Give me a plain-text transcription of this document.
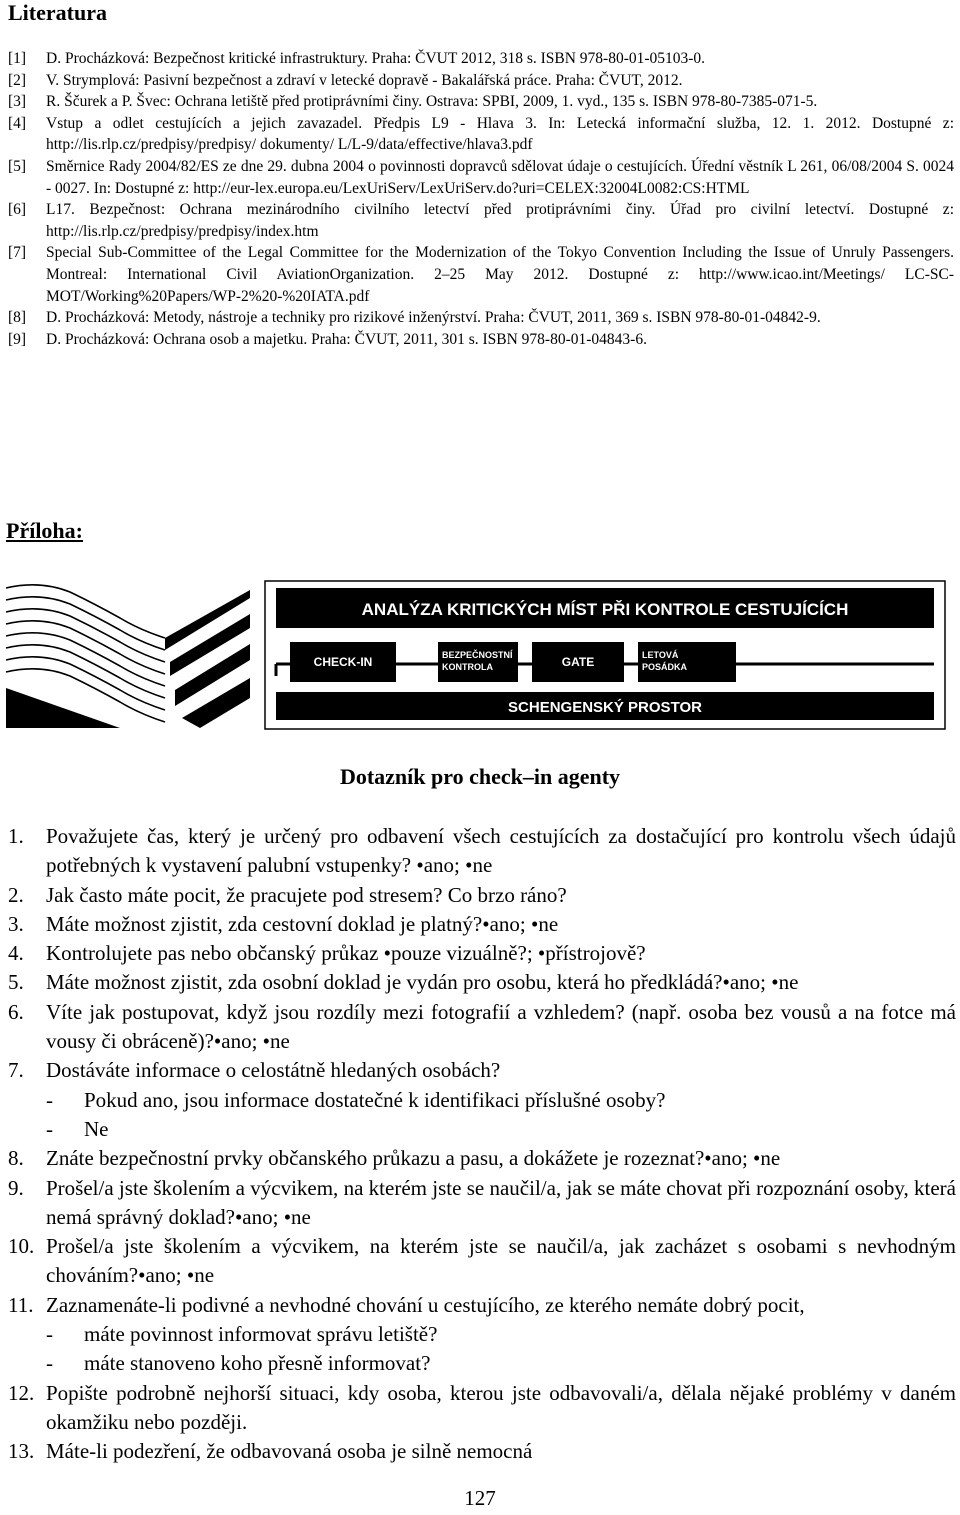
Literatura
[1]	D. Procházková: Bezpečnost kritické infrastruktury. Praha: ČVUT 2012, 318 s. ISBN 978-80-01-05103-0.
[2]	V. Strymplová: Pasivní bezpečnost a zdraví v letecké dopravě - Bakalářská práce. Praha: ČVUT, 2012.
[3]	R. Ščurek a P. Švec: Ochrana letiště před protiprávními činy. Ostrava: SPBI, 2009, 1. vyd., 135 s. ISBN 978-80-7385-071-5.
[4]	Vstup a odlet cestujících a jejich zavazadel. Předpis L9 - Hlava 3. In: Letecká informační služba, 12. 1. 2012. Dostupné z: http://lis.rlp.cz/predpisy/predpisy/ dokumenty/ L/L-9/data/effective/hlava3.pdf
[5]	Směrnice Rady 2004/82/ES ze dne 29. dubna 2004 o povinnosti dopravců sdělovat údaje o cestujících. Úřední věstník L 261, 06/08/2004 S. 0024 - 0027. In: Dostupné z: http://eur-lex.europa.eu/LexUriServ/LexUriServ.do?uri=CELEX:32004L0082:CS:HTML
[6]	L17. Bezpečnost: Ochrana mezinárodního civilního letectví před protiprávními činy. Úřad pro civilní letectví. Dostupné z: http://lis.rlp.cz/predpisy/predpisy/index.htm
[7]	Special Sub-Committee of the Legal Committee for the Modernization of the Tokyo Convention Including the Issue of Unruly Passengers. Montreal: International Civil AviationOrganization. 2–25 May 2012. Dostupné z: http://www.icao.int/Meetings/ LC-SC-MOT/Working%20Papers/WP-2%20-%20IATA.pdf
[8]	D. Procházková: Metody, nástroje a techniky pro rizikové inženýrství. Praha: ČVUT, 2011, 369 s. ISBN 978-80-01-04842-9.
[9]	D. Procházková: Ochrana osob a majetku. Praha: ČVUT, 2011, 301 s. ISBN 978-80-01-04843-6.
Příloha:
ANALÝZA KRITICKÝCH MÍST PŘI KONTROLE CESTUJÍCÍCH
CHECK-IN	BEZPEČNOSTNÍ
KONTROLA	GATE	LETOVÁ
POSÁDKA
SCHENGENSKÝ PROSTOR
Dotazník pro check–in agenty
1.	Považujete čas, který je určený pro odbavení všech cestujících za dostačující pro kontrolu všech údajů potřebných k vystavení palubní vstupenky? •ano; •ne
2.	Jak často máte pocit, že pracujete pod stresem? Co brzo ráno?
3.	Máte možnost zjistit, zda cestovní doklad je platný?•ano; •ne
4.	Kontrolujete pas nebo občanský průkaz •pouze vizuálně?; •přístrojově?
5.	Máte možnost zjistit, zda osobní doklad je vydán pro osobu, která ho předkládá?•ano; •ne
6.	Víte jak postupovat, když jsou rozdíly mezi fotografií a vzhledem? (např. osoba bez vousů a na fotce má vousy či obráceně)?•ano; •ne
7.	Dostáváte informace o celostátně hledaných osobách?
-	Pokud ano, jsou informace dostatečné k identifikaci příslušné osoby?
-	Ne
8.	Znáte bezpečnostní prvky občanského průkazu a pasu, a dokážete je rozeznat?•ano; •ne
9.	Prošel/a jste školením a výcvikem, na kterém jste se naučil/a, jak se máte chovat při rozpoznání osoby, která nemá správný doklad?•ano; •ne
10. Prošel/a jste školením a výcvikem, na kterém jste se naučil/a, jak zacházet s osobami s nevhodným chováním?•ano; •ne
11. Zaznamenáte-li podivné a nevhodné chování u cestujícího, ze kterého nemáte dobrý pocit,
-	máte povinnost informovat správu letiště?
-	máte stanoveno koho přesně informovat?
12. Popište podrobně nejhorší situaci, kdy osoba, kterou jste odbavovali/a, dělala nějaké problémy v daném okamžiku nebo později.
13. Máte-li podezření, že odbavovaná osoba je silně nemocná
127
